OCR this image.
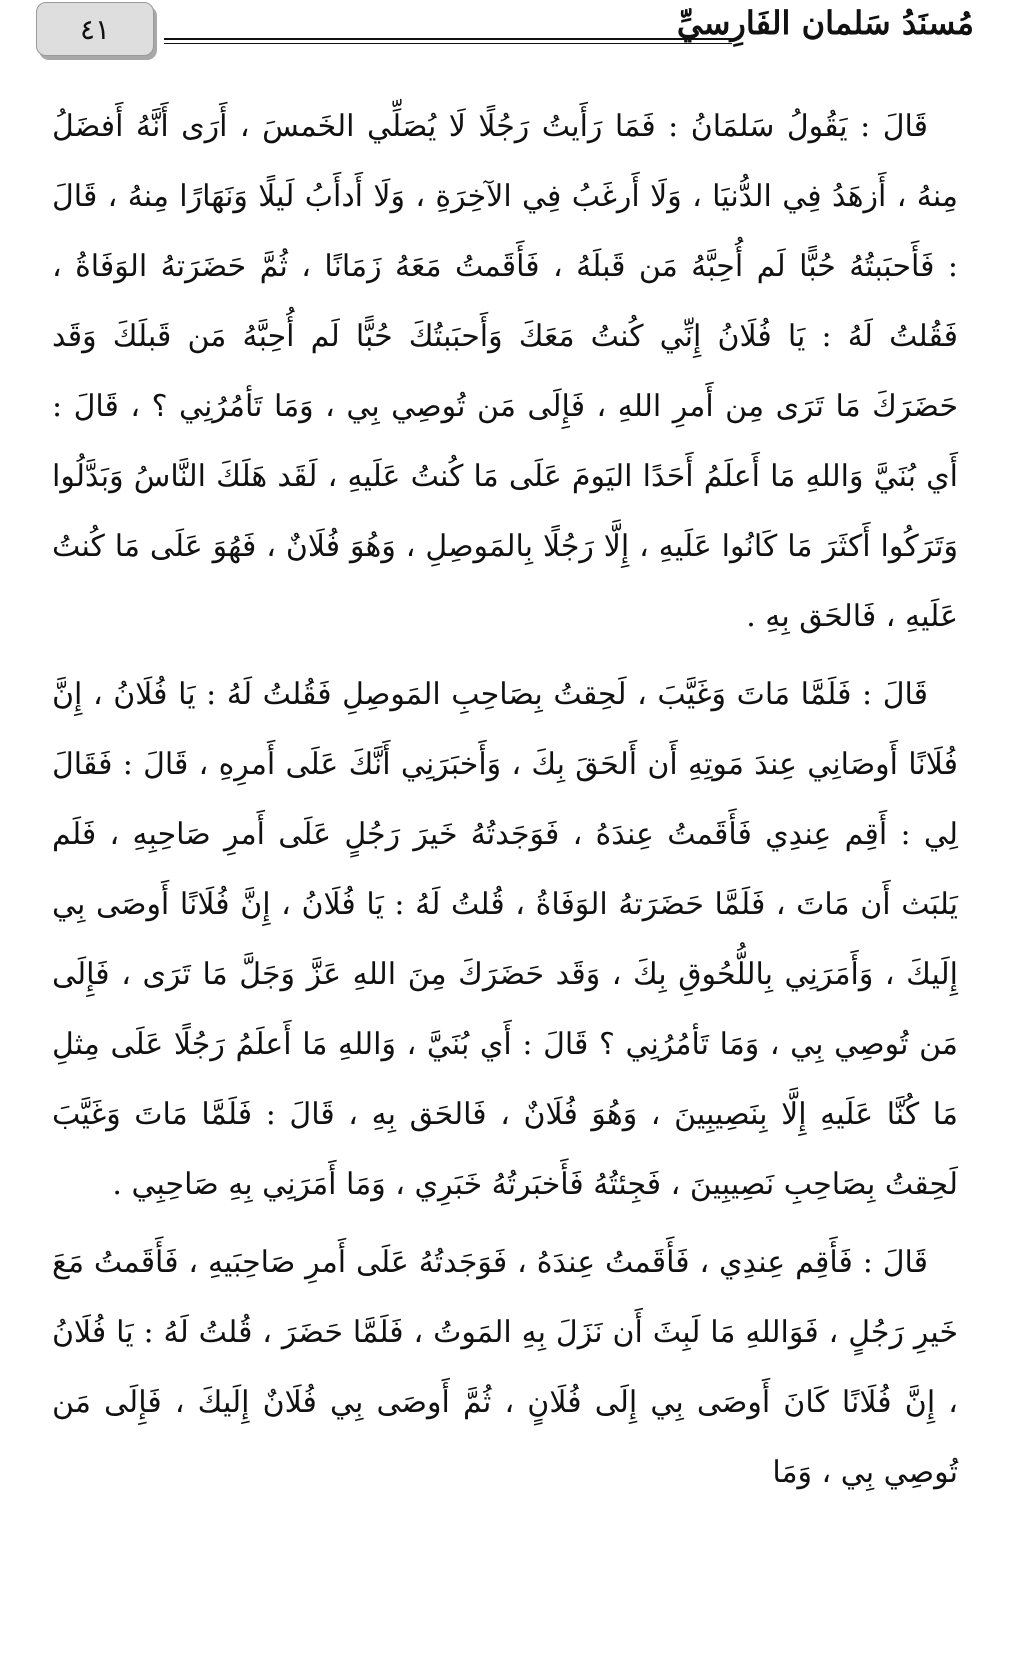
٤١	مُسنَدُ سَلمان الفَارِسيِّ

قَالَ : يَقُولُ سَلمَانُ : فَمَا رَأَيتُ رَجُلًا لَا يُصَلِّي الخَمسَ ، أَرَى أَنَّهُ أَفضَلُ مِنهُ ، أَزهَدُ فِي الدُّنيَا ، وَلَا أَرغَبُ فِي الآخِرَةِ ، وَلَا أَدأَبُ لَيلًا وَنَهَارًا مِنهُ ، قَالَ : فَأَحبَبتُهُ حُبًّا لَم أُحِبَّهُ مَن قَبلَهُ ، فَأَقَمتُ مَعَهُ زَمَانًا ، ثُمَّ حَضَرَتهُ الوَفَاةُ ، فَقُلتُ لَهُ : يَا فُلَانُ إِنِّي كُنتُ مَعَكَ وَأَحبَبتُكَ حُبًّا لَم أُحِبَّهُ مَن قَبلَكَ وَقَد حَضَرَكَ مَا تَرَى مِن أَمرِ اللهِ ، فَإِلَى مَن تُوصِي بِي ، وَمَا تَأمُرُنِي ؟ ، قَالَ : أَي بُنَيَّ وَاللهِ مَا أَعلَمُ أَحَدًا اليَومَ عَلَى مَا كُنتُ عَلَيهِ ، لَقَد هَلَكَ النَّاسُ وَبَدَّلُوا وَتَرَكُوا أَكثَرَ مَا كَانُوا عَلَيهِ ، إِلَّا رَجُلًا بِالمَوصِلِ ، وَهُوَ فُلَانٌ ، فَهُوَ عَلَى مَا كُنتُ عَلَيهِ ، فَالحَق بِهِ .

قَالَ : فَلَمَّا مَاتَ وَغَيَّبَ ، لَحِقتُ بِصَاحِبِ المَوصِلِ فَقُلتُ لَهُ : يَا فُلَانُ ، إِنَّ فُلَانًا أَوصَانِي عِندَ مَوتِهِ أَن أَلحَقَ بِكَ ، وَأَخبَرَنِي أَنَّكَ عَلَى أَمرِهِ ، قَالَ : فَقَالَ لِي : أَقِم عِندِي فَأَقَمتُ عِندَهُ ، فَوَجَدتُهُ خَيرَ رَجُلٍ عَلَى أَمرِ صَاحِبِهِ ، فَلَم يَلبَث أَن مَاتَ ، فَلَمَّا حَضَرَتهُ الوَفَاةُ ، قُلتُ لَهُ : يَا فُلَانُ ، إِنَّ فُلَانًا أَوصَى بِي إِلَيكَ ، وَأَمَرَنِي بِاللُّحُوقِ بِكَ ، وَقَد حَضَرَكَ مِنَ اللهِ عَزَّ وَجَلَّ مَا تَرَى ، فَإِلَى مَن تُوصِي بِي ، وَمَا تَأمُرُنِي ؟ قَالَ : أَي بُنَيَّ ، وَاللهِ مَا أَعلَمُ رَجُلًا عَلَى مِثلِ مَا كُنَّا عَلَيهِ إِلَّا بِنَصِيبِينَ ، وَهُوَ فُلَانٌ ، فَالحَق بِهِ ، قَالَ : فَلَمَّا مَاتَ وَغَيَّبَ لَحِقتُ بِصَاحِبِ نَصِيبِينَ ، فَجِئتُهُ فَأَخبَرتُهُ خَبَرِي ، وَمَا أَمَرَنِي بِهِ صَاحِبِي .

قَالَ : فَأَقِم عِندِي ، فَأَقَمتُ عِندَهُ ، فَوَجَدتُهُ عَلَى أَمرِ صَاحِبَيهِ ، فَأَقَمتُ مَعَ خَيرِ رَجُلٍ ، فَوَاللهِ مَا لَبِثَ أَن نَزَلَ بِهِ المَوتُ ، فَلَمَّا حَضَرَ ، قُلتُ لَهُ : يَا فُلَانُ ، إِنَّ فُلَانًا كَانَ أَوصَى بِي إِلَى فُلَانٍ ، ثُمَّ أَوصَى بِي فُلَانٌ إِلَيكَ ، فَإِلَى مَن تُوصِي بِي ، وَمَا
